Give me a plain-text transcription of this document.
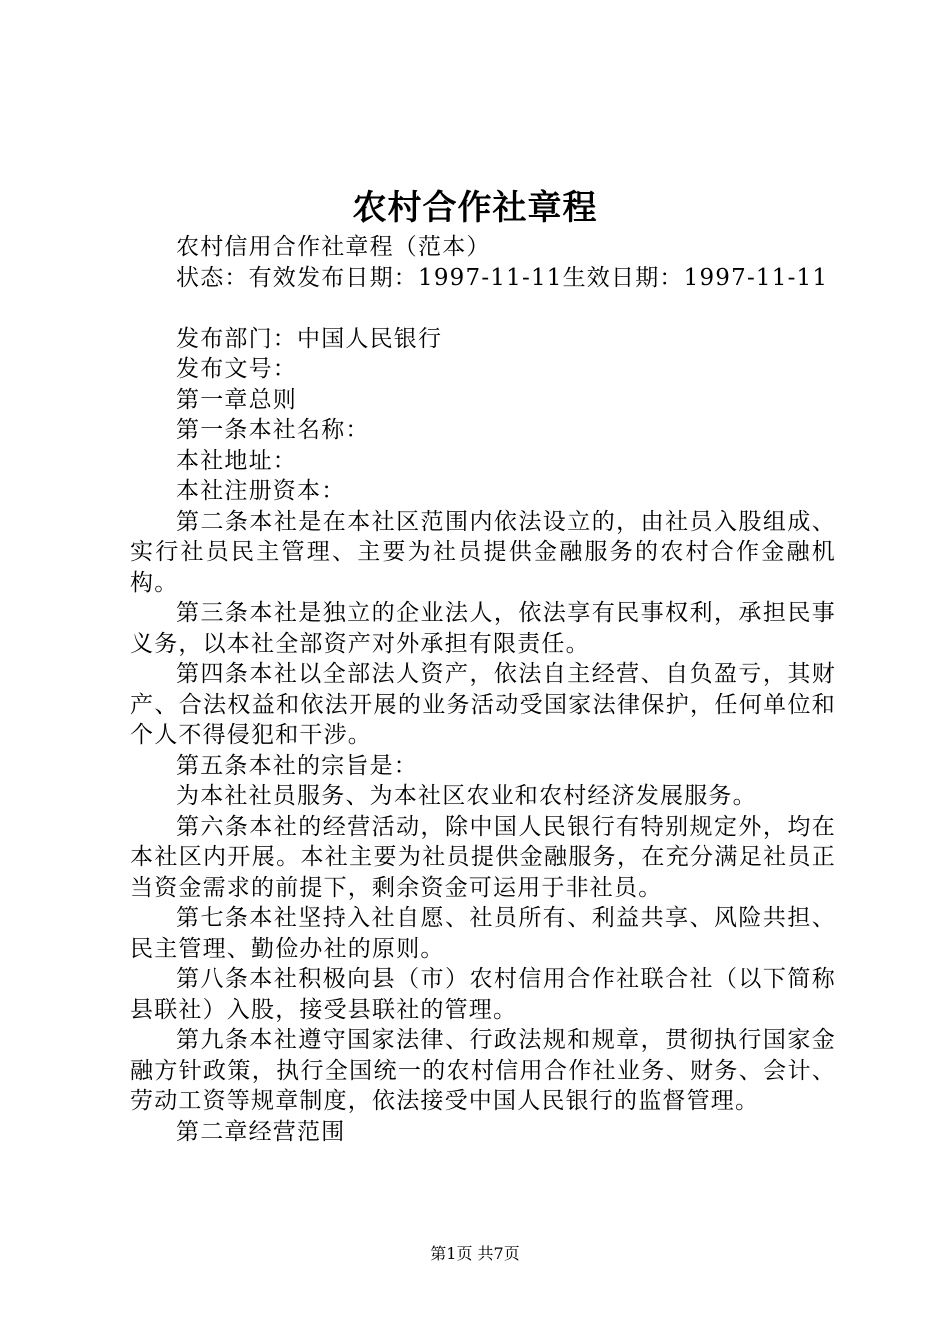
农村合作社章程

农村信用合作社章程（范本）

状态：有效发布日期：1997-11-11生效日期：1997-11-11

发布部门：中国人民银行

发布文号：

第一章总则

第一条本社名称：

本社地址：

本社注册资本：

第二条本社是在本社区范围内依法设立的，由社员入股组成、实行社员民主管理、主要为社员提供金融服务的农村合作金融机构。

第三条本社是独立的企业法人，依法享有民事权利，承担民事义务，以本社全部资产对外承担有限责任。

第四条本社以全部法人资产，依法自主经营、自负盈亏，其财产、合法权益和依法开展的业务活动受国家法律保护，任何单位和个人不得侵犯和干涉。

第五条本社的宗旨是：

为本社社员服务、为本社区农业和农村经济发展服务。

第六条本社的经营活动，除中国人民银行有特别规定外，均在本社区内开展。本社主要为社员提供金融服务，在充分满足社员正当资金需求的前提下，剩余资金可运用于非社员。

第七条本社坚持入社自愿、社员所有、利益共享、风险共担、民主管理、勤俭办社的原则。

第八条本社积极向县（市）农村信用合作社联合社（以下简称县联社）入股，接受县联社的管理。

第九条本社遵守国家法律、行政法规和规章，贯彻执行国家金融方针政策，执行全国统一的农村信用合作社业务、财务、会计、劳动工资等规章制度，依法接受中国人民银行的监督管理。

第二章经营范围

第1页 共7页
